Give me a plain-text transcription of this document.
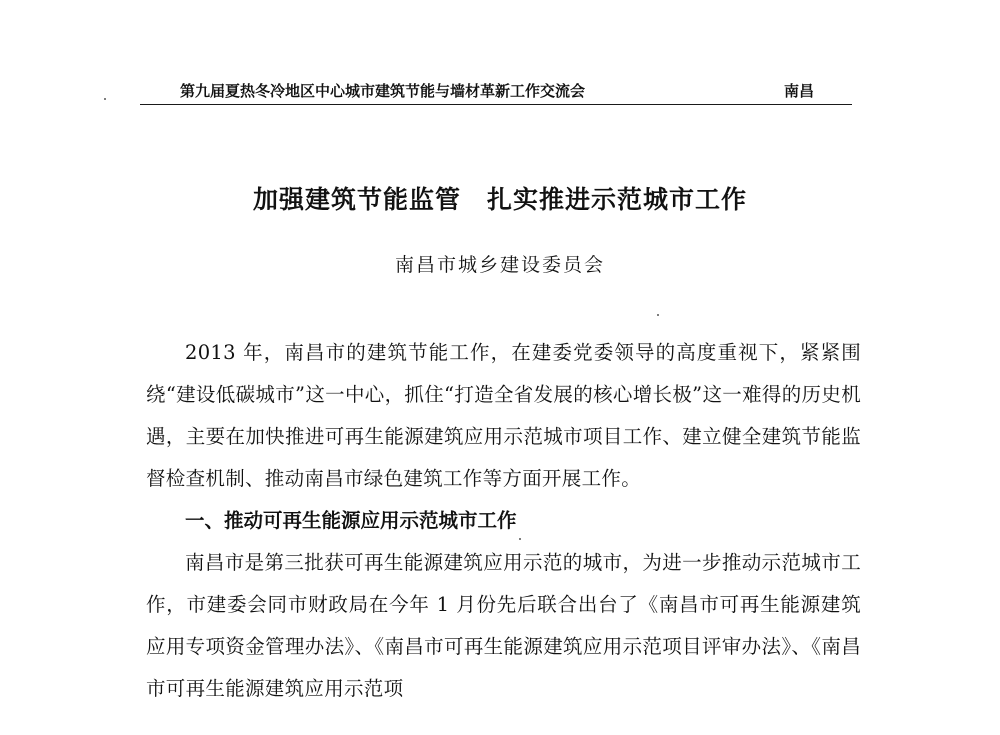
第九届夏热冬冷地区中心城市建筑节能与墙材革新工作交流会	南昌
加强建筑节能监管　扎实推进示范城市工作
南昌市城乡建设委员会

2013 年，南昌市的建筑节能工作，在建委党委领导的高度重视下，紧紧围绕“建设低碳城市”这一中心，抓住“打造全省发展的核心增长极”这一难得的历史机遇，主要在加快推进可再生能源建筑应用示范城市项目工作、建立健全建筑节能监督检查机制、推动南昌市绿色建筑工作等方面开展工作。

一、推动可再生能源应用示范城市工作

南昌市是第三批获可再生能源建筑应用示范的城市，为进一步推动示范城市工作，市建委会同市财政局在今年 1 月份先后联合出台了《南昌市可再生能源建筑应用专项资金管理办法》、《南昌市可再生能源建筑应用示范项目评审办法》、《南昌市可再生能源建筑应用示范项
